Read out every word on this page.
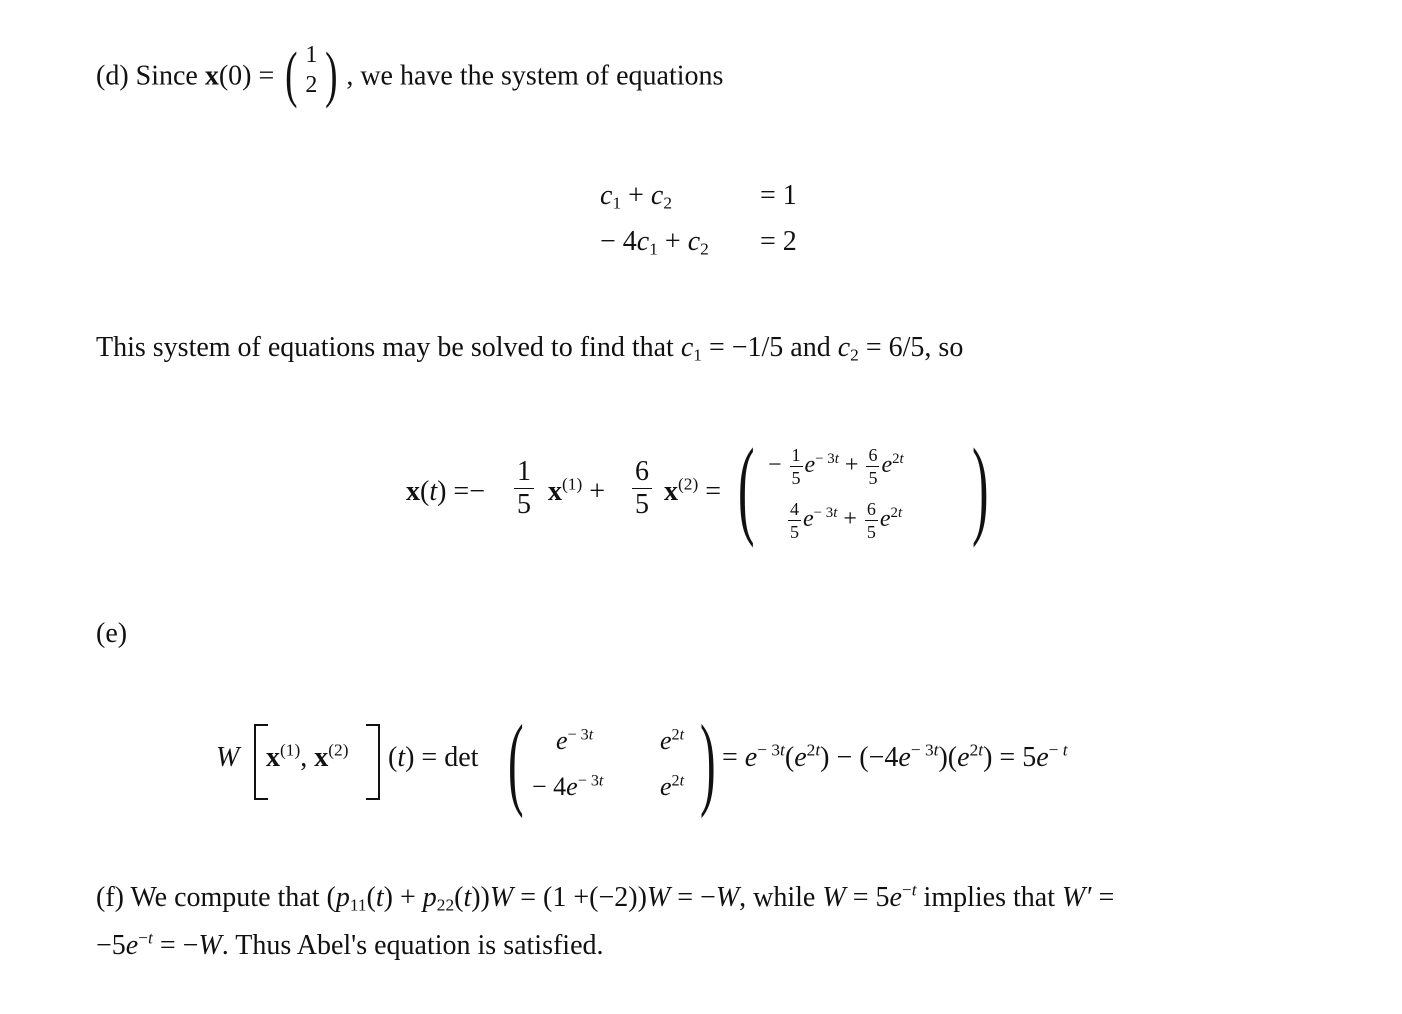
(d) Since x(0) = ( 1
2 ) , we have the system of equations
$c_1 + c_2$	= 1
− $4c_1 + c_2 = 2$
This system of equations may be solved to find that $c_1 = -1/5$ and $c_2 = 6/5$, so
x(t) =−
1
5 $x^{(1)}$ +
6
5 $x^{(2)}$ = ( )
− $\frac{1}{5} e^{- 3t} + \frac{6}{5} e^{2t}$
$\frac{4}{5} e^{- 3t} + \frac{6}{5} e^{2t}$
(e)
W $x^{(1)}$, $x^{(2)}$ (t) = det ( )
$e^{- 3t}$	$e^{2t}$
− $4e^{- 3t}$ $e^{2t}$
= $e^{- 3t}(e^{2t}) - (-4e^{- 3t})(e^{2t}) = 5e^{- t}$
(f) We compute that $(p_{11}(t) + p_{22}(t))W = (1 +(-2))W = -W$, while $W = 5e^{-t}$ implies that W′ =
$-5e^{-t} = -W$. Thus Abel's equation is satisfied.
